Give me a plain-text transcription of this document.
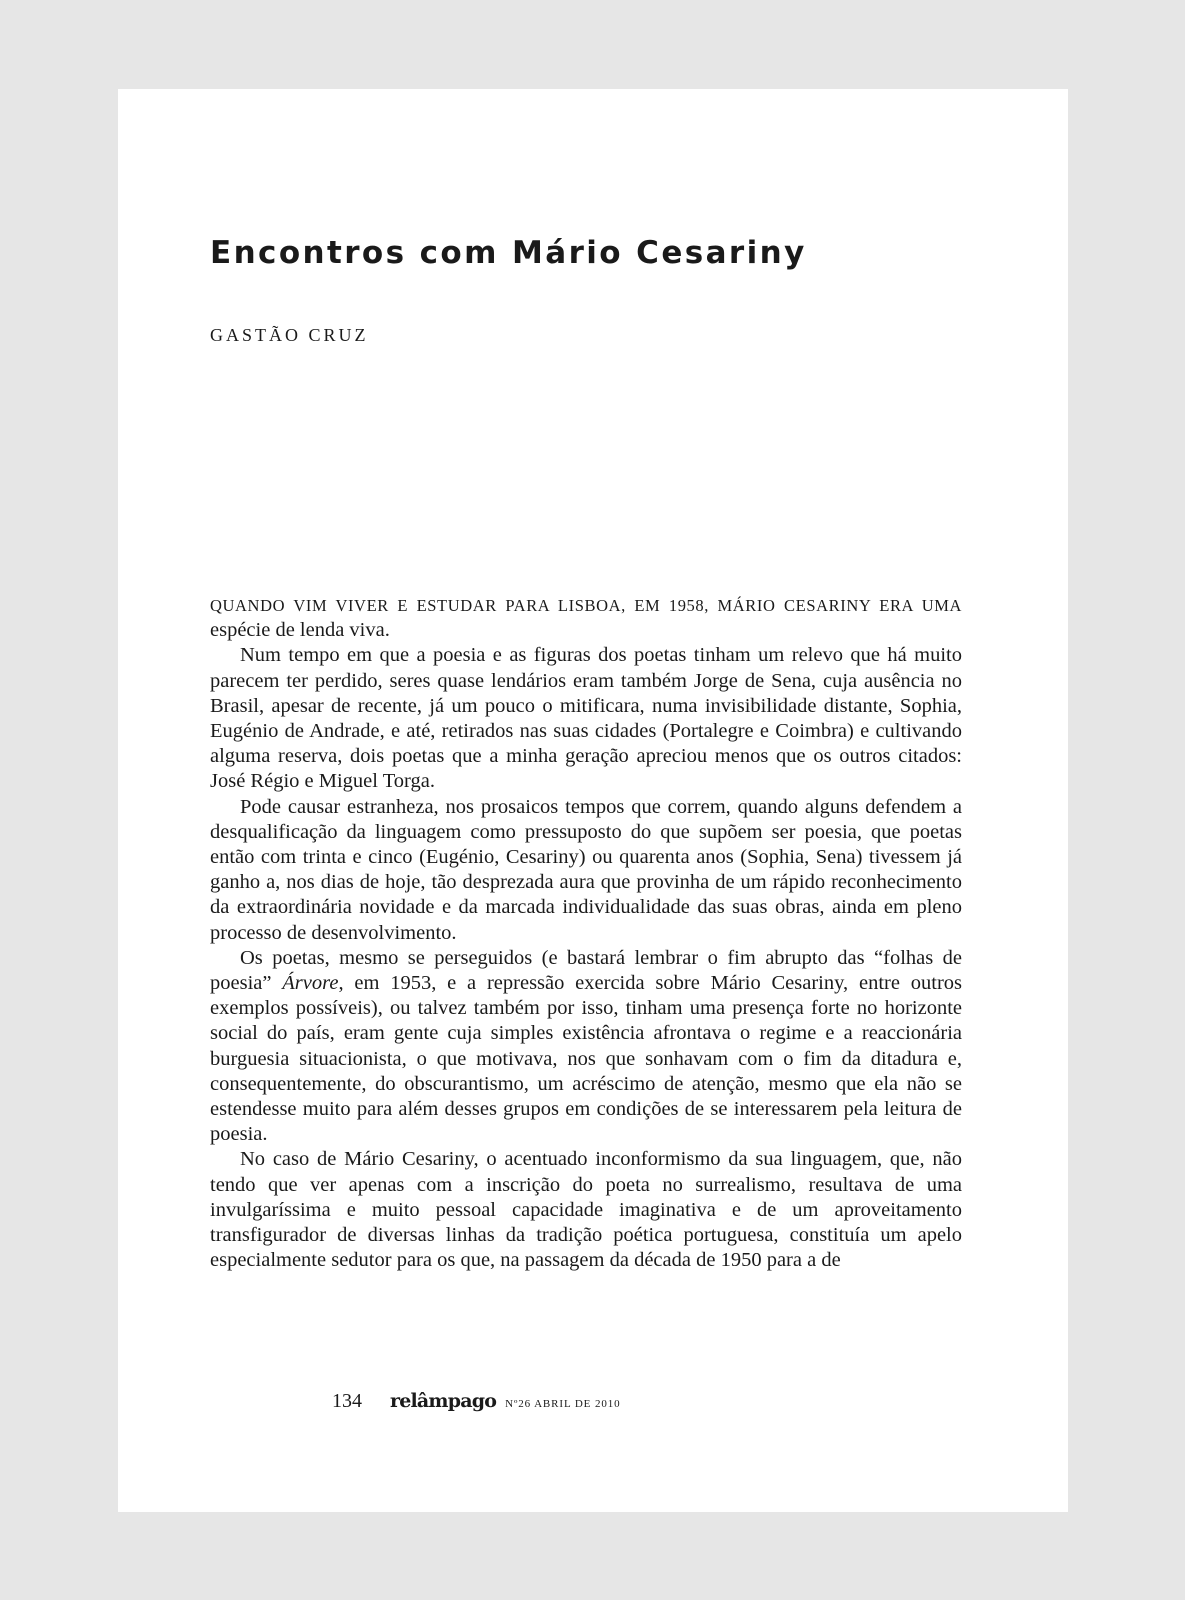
Encontros com Mário Cesariny
GASTÃO CRUZ

QUANDO VIM VIVER E ESTUDAR PARA LISBOA, EM 1958, MÁRIO CESARINY ERA UMA espécie de lenda viva.

Num tempo em que a poesia e as figuras dos poetas tinham um relevo que há muito parecem ter perdido, seres quase lendários eram também Jorge de Sena, cuja ausência no Brasil, apesar de recente, já um pouco o mitificara, numa invisibilidade distante, Sophia, Eugénio de Andrade, e até, retirados nas suas cidades (Portalegre e Coimbra) e cultivando alguma reserva, dois poetas que a minha geração apreciou menos que os outros citados: José Régio e Miguel Torga.

Pode causar estranheza, nos prosaicos tempos que correm, quando alguns defendem a desqualificação da linguagem como pressuposto do que supõem ser poesia, que poetas então com trinta e cinco (Eugénio, Cesariny) ou quarenta anos (Sophia, Sena) tivessem já ganho a, nos dias de hoje, tão desprezada aura que provinha de um rápido reconhecimento da extraordinária novidade e da marcada individualidade das suas obras, ainda em pleno processo de desenvolvimento.

Os poetas, mesmo se perseguidos (e bastará lembrar o fim abrupto das “folhas de poesia” Árvore, em 1953, e a repressão exercida sobre Mário Cesariny, entre outros exemplos possíveis), ou talvez também por isso, tinham uma presença forte no horizonte social do país, eram gente cuja simples existência afrontava o regime e a reaccionária burguesia situacionista, o que motivava, nos que sonhavam com o fim da ditadura e, consequentemente, do obscurantismo, um acréscimo de atenção, mesmo que ela não se estendesse muito para além desses grupos em condições de se interessarem pela leitura de poesia.

No caso de Mário Cesariny, o acentuado inconformismo da sua linguagem, que, não tendo que ver apenas com a inscrição do poeta no surrealismo, resultava de uma invulgaríssima e muito pessoal capacidade imaginativa e de um aproveitamento transfigurador de diversas linhas da tradição poética portuguesa, constituía um apelo especialmente sedutor para os que, na passagem da década de 1950 para a de

134 relâmpago Nº26 ABRIL DE 2010
